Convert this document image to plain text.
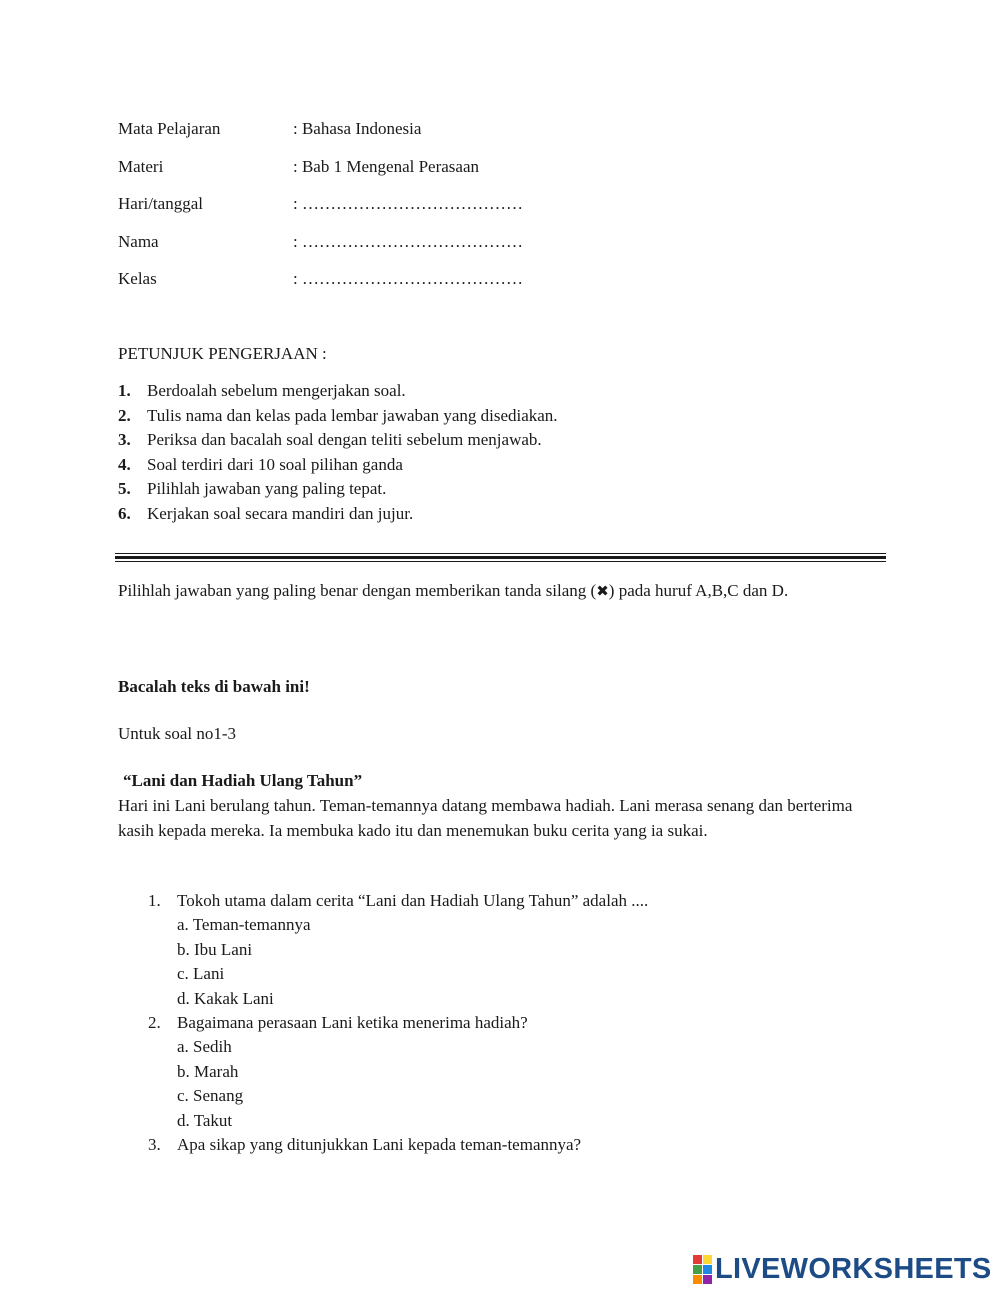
Mata Pelajaran	: Bahasa Indonesia
Materi	: Bab 1 Mengenal Perasaan
Hari/tanggal	: …………………………………
Nama	: …………………………………
Kelas	: …………………………………
PETUNJUK PENGERJAAN :
1. Berdoalah sebelum mengerjakan soal.
2. Tulis nama dan kelas pada lembar jawaban yang disediakan.
3. Periksa dan bacalah soal dengan teliti sebelum menjawab.
4. Soal terdiri dari 10 soal pilihan ganda
5. Pilihlah jawaban yang paling tepat.
6. Kerjakan soal secara mandiri dan jujur.
Pilihlah jawaban yang paling benar dengan memberikan tanda silang (✖) pada huruf A,B,C dan D.
Bacalah teks di bawah ini!
Untuk soal no1-3
“Lani dan Hadiah Ulang Tahun”
Hari ini Lani berulang tahun. Teman-temannya datang membawa hadiah. Lani merasa senang dan berterima kasih kepada mereka. Ia membuka kado itu dan menemukan buku cerita yang ia sukai.
1. Tokoh utama dalam cerita “Lani dan Hadiah Ulang Tahun” adalah ....
a. Teman-temannya
b. Ibu Lani
c. Lani
d. Kakak Lani
2. Bagaimana perasaan Lani ketika menerima hadiah?
a. Sedih
b. Marah
c. Senang
d. Takut
3. Apa sikap yang ditunjukkan Lani kepada teman-temannya?
LIVEWORKSHEETS
